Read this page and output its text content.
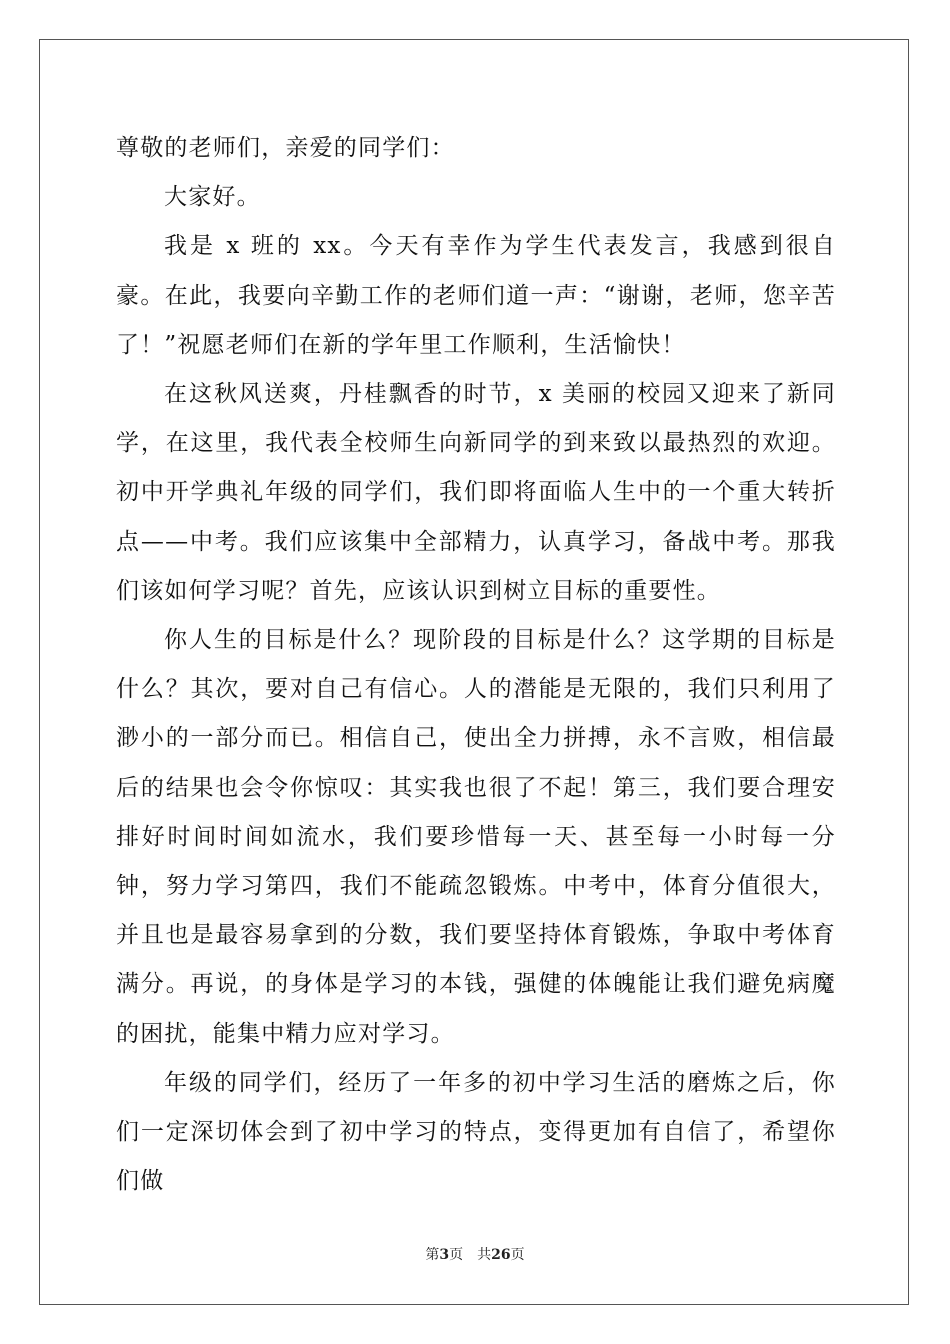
尊敬的老师们，亲爱的同学们：

大家好。

我是 x 班的 xx。今天有幸作为学生代表发言，我感到很自豪。在此，我要向辛勤工作的老师们道一声：“谢谢，老师，您辛苦了！”祝愿老师们在新的学年里工作顺利，生活愉快！

在这秋风送爽，丹桂飘香的时节，x 美丽的校园又迎来了新同学，在这里，我代表全校师生向新同学的到来致以最热烈的欢迎。初中开学典礼年级的同学们，我们即将面临人生中的一个重大转折点——中考。我们应该集中全部精力，认真学习，备战中考。那我们该如何学习呢？首先，应该认识到树立目标的重要性。

你人生的目标是什么？现阶段的目标是什么？这学期的目标是什么？其次，要对自己有信心。人的潜能是无限的，我们只利用了渺小的一部分而已。相信自己，使出全力拼搏，永不言败，相信最后的结果也会令你惊叹：其实我也很了不起！第三，我们要合理安排好时间时间如流水，我们要珍惜每一天、甚至每一小时每一分钟，努力学习第四，我们不能疏忽锻炼。中考中，体育分值很大，并且也是最容易拿到的分数，我们要坚持体育锻炼，争取中考体育满分。再说，的身体是学习的本钱，强健的体魄能让我们避免病魔的困扰，能集中精力应对学习。

年级的同学们，经历了一年多的初中学习生活的磨炼之后，你们一定深切体会到了初中学习的特点，变得更加有自信了，希望你们做

第3页 共26页
